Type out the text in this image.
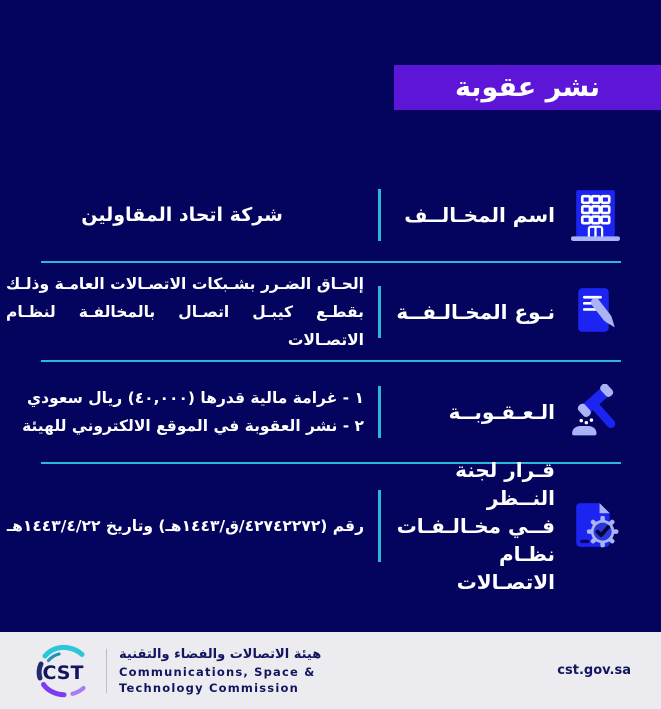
نشر عقوبة
اسم المخـالــف
شركة اتحاد المقاولين
نـوع المخـالـفــة
إلحـاق الضـرر بشـبكات الاتصـالات العامـة وذلـك
بقطـع كيبـل اتصـال بالمخالفـة لنظـام الاتصـالات
الـعـقـوبــة
١ - غرامة مالية قدرها (٤٠,٠٠٠) ريال سعودي
٢ - نشر العقوبة في الموقع الالكتروني للهيئة
قـرار لجنة النــظر
فــي مخـالـفـات
نظـام الاتصـالات
رقم (٤٢٧٤٢٢٧٢/ق/١٤٤٣هـ) وتاريخ ١٤٤٣/٤/٢٢هـ
CST
هيئة الاتصالات والفضاء والتقنية
Communications, Space &
Technology Commission
cst.gov.sa
